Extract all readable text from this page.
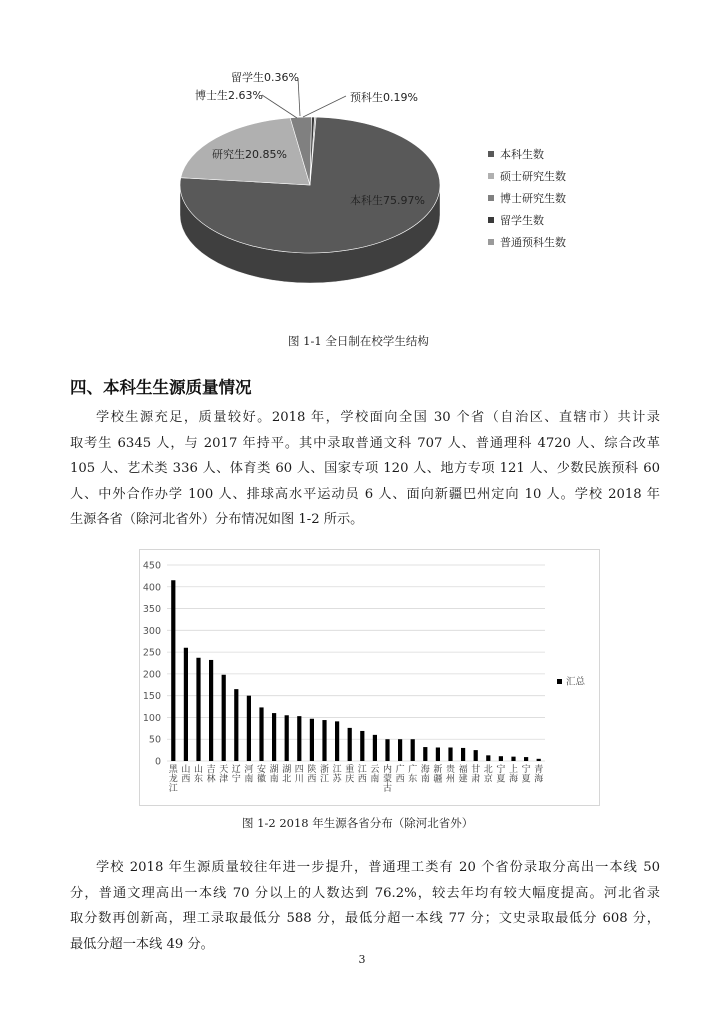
留学生0.36%
博士生2.63%	预科生0.19%
研究生20.85%
本科生75.97%
本科生数
硕士研究生数
博士研究生数
留学生数
普通预科生数
图 1-1 全日制在校学生结构
四、本科生生源质量情况
学校生源充足，质量较好。2018 年，学校面向全国 30 个省（自治区、直辖市）共计录
取考生 6345 人，与 2017 年持平。其中录取普通文科 707 人、普通理科 4720 人、综合改革
105 人、艺术类 336 人、体育类 60 人、国家专项 120 人、地方专项 121 人、少数民族预科 60
人、中外合作办学 100 人、排球高水平运动员 6 人、面向新疆巴州定向 10 人。学校 2018 年
生源各省（除河北省外）分布情况如图 1-2 所示。
0
50
100
150
200
250
300
350
400
450
黑龙江
山西
山东
吉林
天津
辽宁
河南
安徽
湖南
湖北
四川
陕西
浙江
江苏
重庆
江西
云南
内蒙古
广西
广东
海南
新疆
贵州
福建
甘肃
北京
宁夏
上海
宁夏
青海
汇总
图 1-2 2018 年生源各省分布（除河北省外）
学校 2018 年生源质量较往年进一步提升，普通理工类有 20 个省份录取分高出一本线 50
分，普通文理高出一本线 70 分以上的人数达到 76.2%，较去年均有较大幅度提高。河北省录
取分数再创新高，理工录取最低分 588 分，最低分超一本线 77 分；文史录取最低分 608 分，
最低分超一本线 49 分。
3
